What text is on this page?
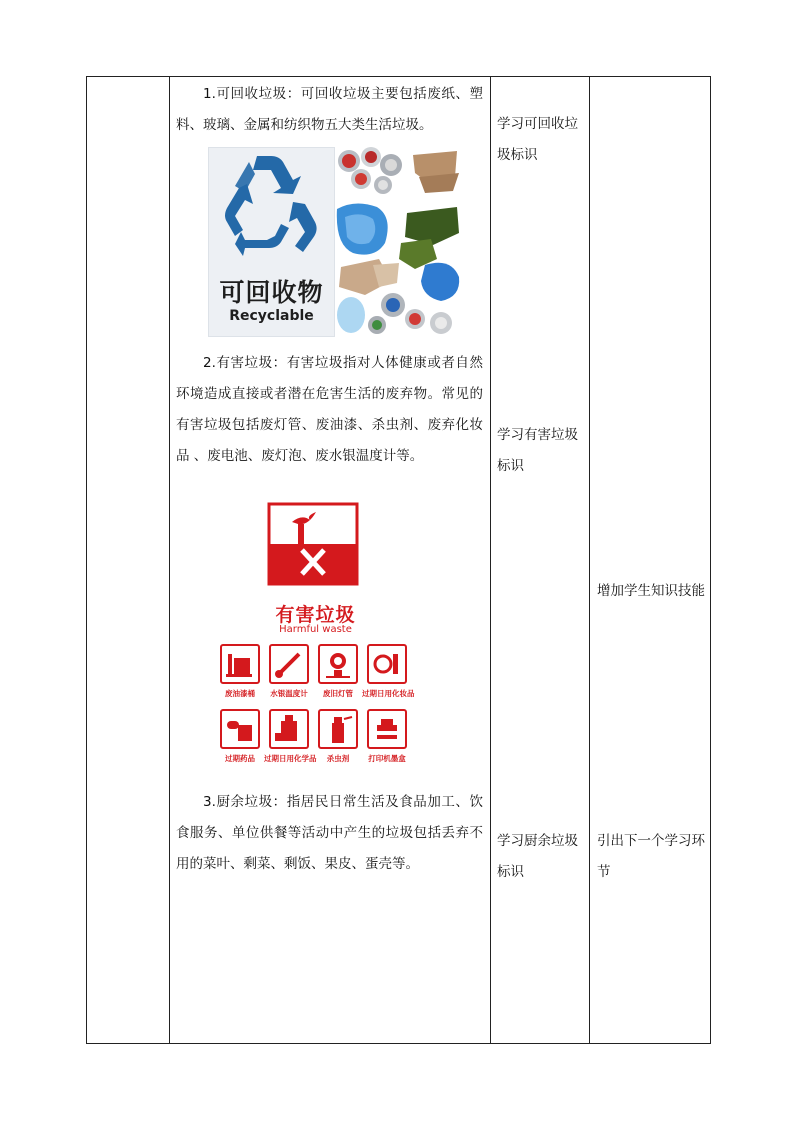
1.可回收垃圾：可回收垃圾主要包括废纸、塑料、玻璃、金属和纺织物五大类生活垃圾。

可回收物
Recyclable

2.有害垃圾：有害垃圾指对人体健康或者自然环境造成直接或者潜在危害生活的废弃物。常见的有害垃圾包括废灯管、废油漆、杀虫剂、废弃化妆品 、废电池、废灯泡、废水银温度计等。

有害垃圾
Harmful waste
废油漆桶	水银温度计	废旧灯管	过期日用化妆品
过期药品	过期日用化学品	杀虫剂	打印机墨盒

3.厨余垃圾：指居民日常生活及食品加工、饮食服务、单位供餐等活动中产生的垃圾包括丢弃不用的菜叶、剩菜、剩饭、果皮、蛋壳等。

学习可回收垃圾标识
学习有害垃圾标识
学习厨余垃圾标识

增加学生知识技能
引出下一个学习环节
